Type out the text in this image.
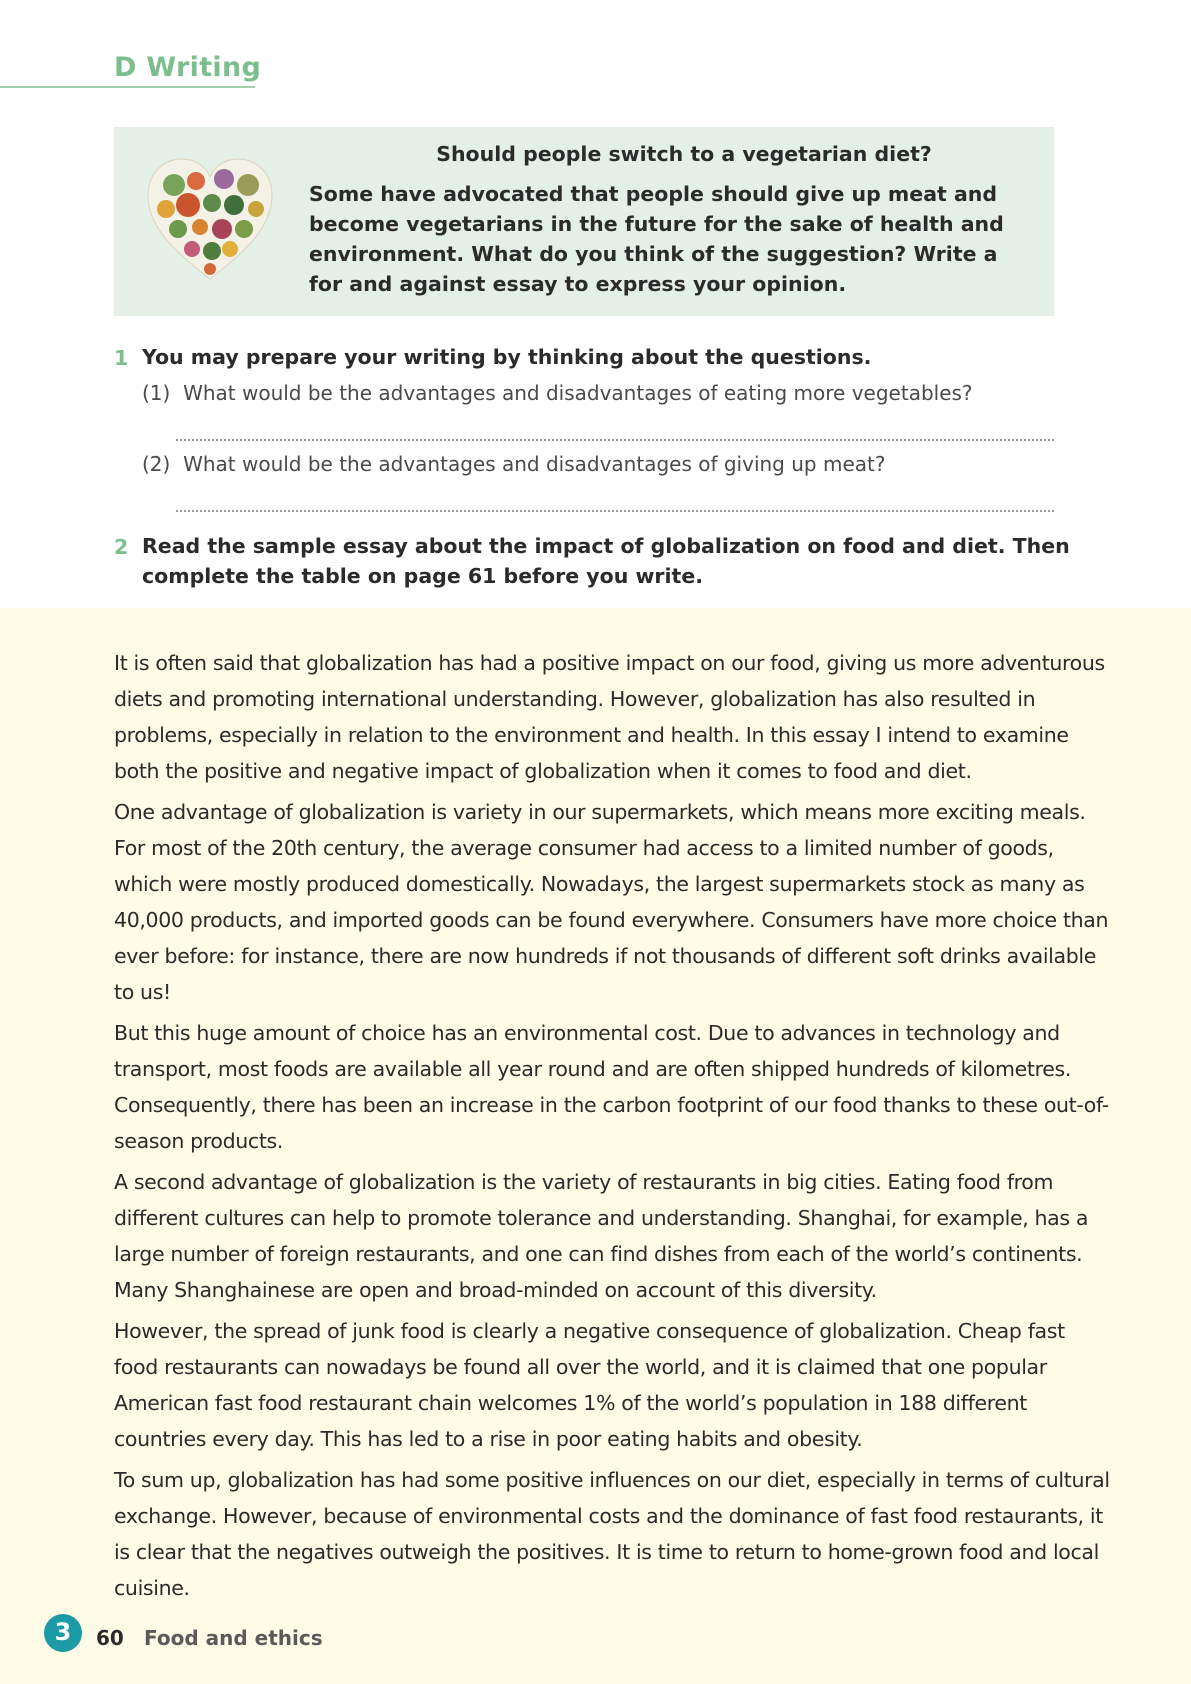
D Writing
Should people switch to a vegetarian diet?
Some have advocated that people should give up meat and become vegetarians in the future for the sake of health and environment. What do you think of the suggestion? Write a for and against essay to express your opinion.
1 You may prepare your writing by thinking about the questions.
(1) What would be the advantages and disadvantages of eating more vegetables?
(2) What would be the advantages and disadvantages of giving up meat?
2 Read the sample essay about the impact of globalization on food and diet. Then
complete the table on page 61 before you write.

It is often said that globalization has had a positive impact on our food, giving us more adventurous diets and promoting international understanding. However, globalization has also resulted in problems, especially in relation to the environment and health. In this essay I intend to examine both the positive and negative impact of globalization when it comes to food and diet.

One advantage of globalization is variety in our supermarkets, which means more exciting meals. For most of the 20th century, the average consumer had access to a limited number of goods, which were mostly produced domestically. Nowadays, the largest supermarkets stock as many as 40,000 products, and imported goods can be found everywhere. Consumers have more choice than ever before: for instance, there are now hundreds if not thousands of different soft drinks available to us!

But this huge amount of choice has an environmental cost. Due to advances in technology and transport, most foods are available all year round and are often shipped hundreds of kilometres. Consequently, there has been an increase in the carbon footprint of our food thanks to these out-of-season products.

A second advantage of globalization is the variety of restaurants in big cities. Eating food from different cultures can help to promote tolerance and understanding. Shanghai, for example, has a large number of foreign restaurants, and one can find dishes from each of the world’s continents. Many Shanghainese are open and broad-minded on account of this diversity.

However, the spread of junk food is clearly a negative consequence of globalization. Cheap fast food restaurants can nowadays be found all over the world, and it is claimed that one popular American fast food restaurant chain welcomes 1% of the world’s population in 188 different countries every day. This has led to a rise in poor eating habits and obesity.

To sum up, globalization has had some positive influences on our diet, especially in terms of cultural exchange. However, because of environmental costs and the dominance of fast food restaurants, it is clear that the negatives outweigh the positives. It is time to return to home-grown food and local cuisine.

3	60 Food and ethics
